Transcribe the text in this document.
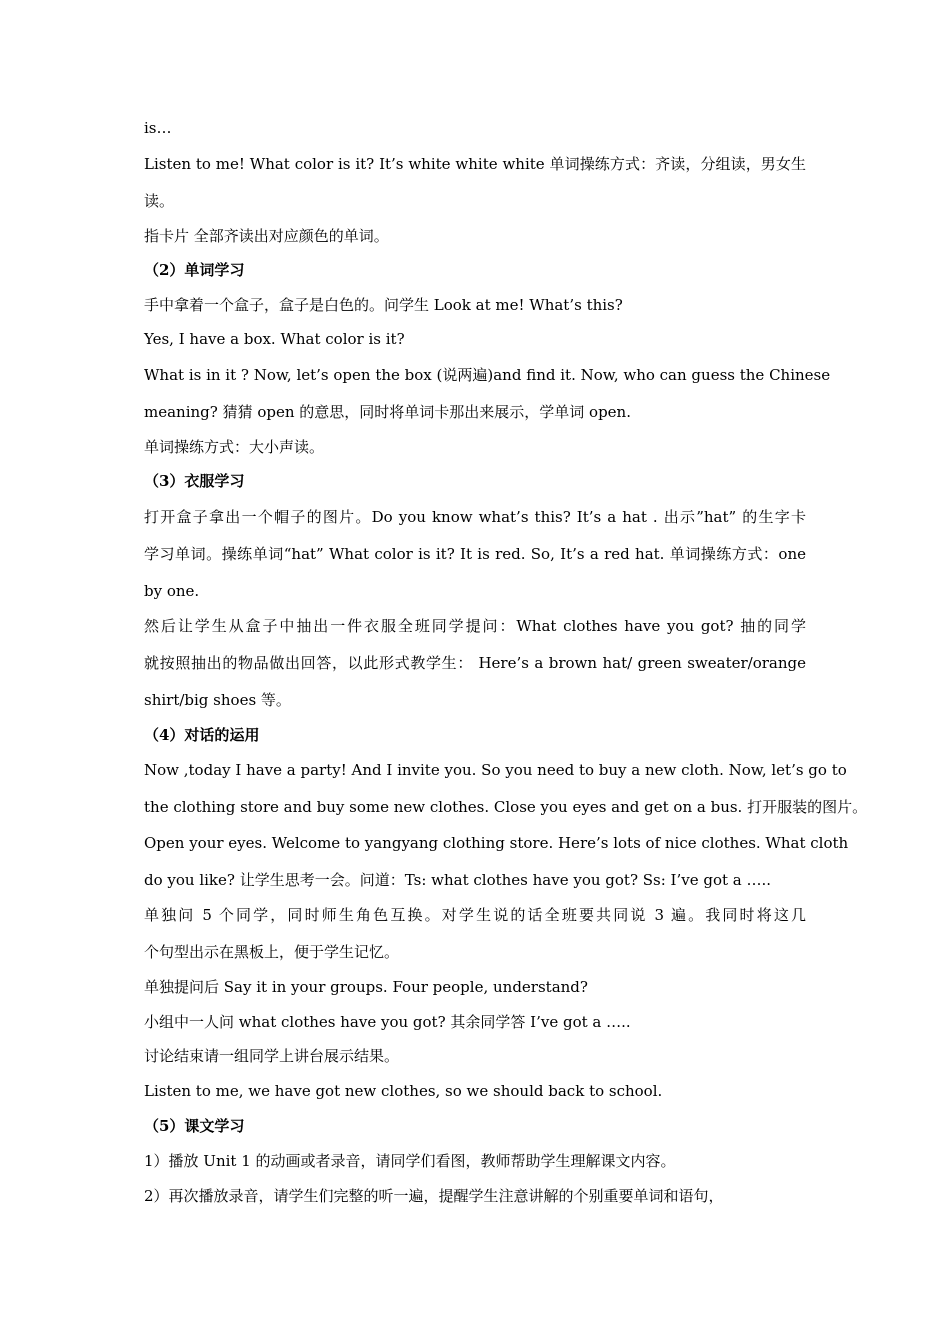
is…
Listen to me! What color is it? It’s white white white 单词操练方式：齐读，分组读，男女生
读。
指卡片 全部齐读出对应颜色的单词。
（2）单词学习
手中拿着一个盒子，盒子是白色的。问学生 Look at me! What’s this?
Yes, I have a box. What color is it?
What is in it ? Now, let’s open the box (说两遍)and find it. Now, who can guess the Chinese
meaning? 猜猜 open 的意思，同时将单词卡那出来展示，学单词 open.
单词操练方式：大小声读。
（3）衣服学习
打开盒子拿出一个帽子的图片。Do you know what’s this? It’s a hat . 出示”hat” 的生字卡
学习单词。操练单词“hat” What color is it? It is red. So, It’s a red hat. 单词操练方式：one
by one.
然后让学生从盒子中抽出一件衣服全班同学提问：What clothes have you got? 抽的同学
就按照抽出的物品做出回答，以此形式教学生： Here’s a brown hat/ green sweater/orange
shirt/big shoes 等。
（4）对话的运用
Now ,today I have a party! And I invite you. So you need to buy a new cloth. Now, let’s go to
the clothing store and buy some new clothes. Close you eyes and get on a bus. 打开服装的图片。
Open your eyes. Welcome to yangyang clothing store. Here’s lots of nice clothes. What cloth
do you like? 让学生思考一会。问道：Ts: what clothes have you got? Ss: I’ve got a …..
单独问 5 个同学，同时师生角色互换。对学生说的话全班要共同说 3 遍。我同时将这几
个句型出示在黑板上，便于学生记忆。
单独提问后 Say it in your groups. Four people, understand?
小组中一人问 what clothes have you got? 其余同学答 I’ve got a …..
讨论结束请一组同学上讲台展示结果。
Listen to me, we have got new clothes, so we should back to school.
（5）课文学习
1）播放 Unit 1 的动画或者录音，请同学们看图，教师帮助学生理解课文内容。
2）再次播放录音，请学生们完整的听一遍，提醒学生注意讲解的个别重要单词和语句，
